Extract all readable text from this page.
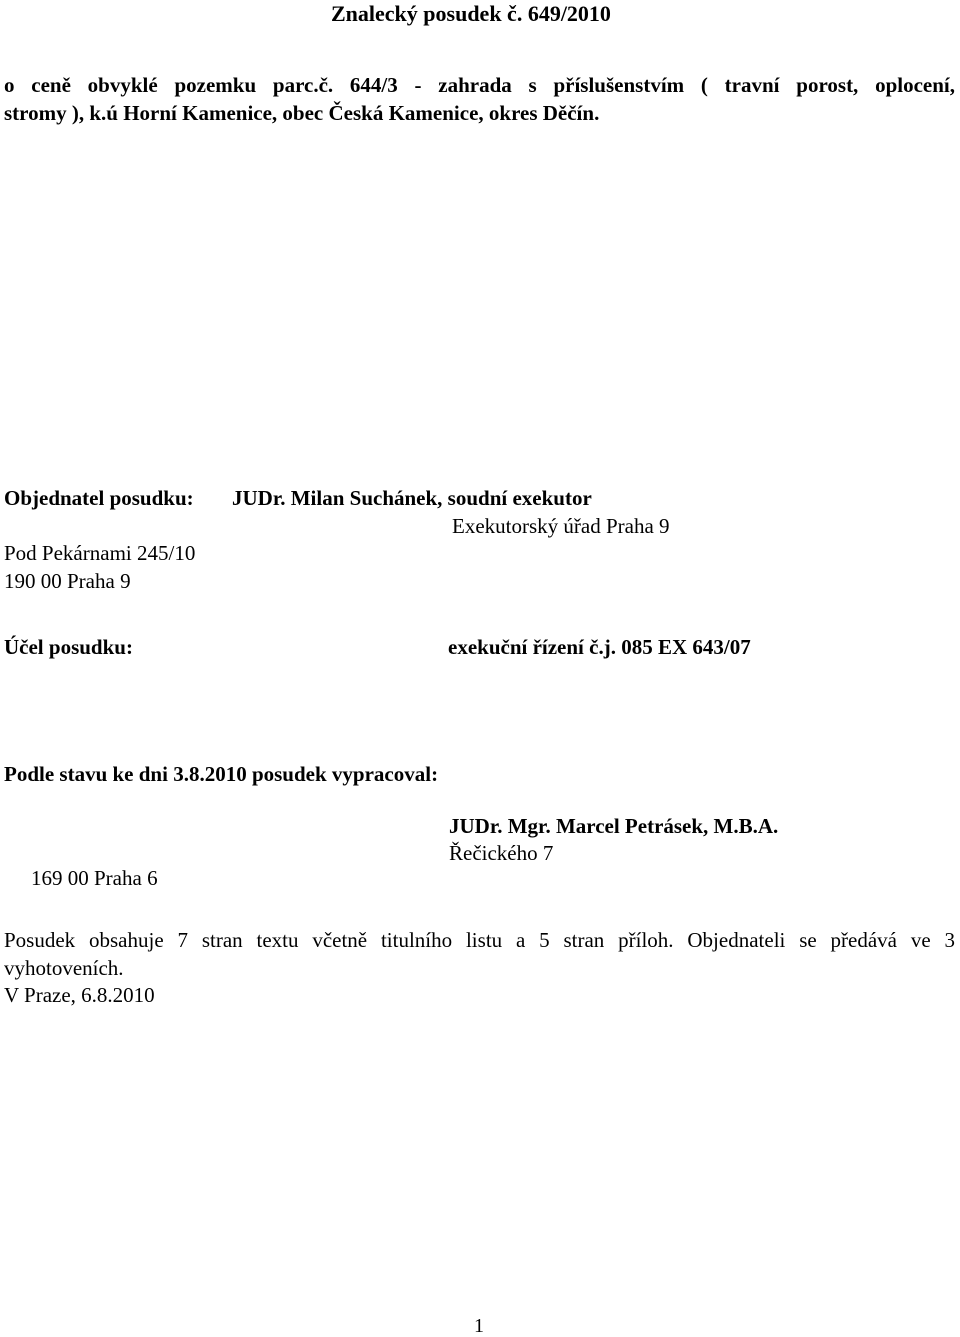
Znalecký posudek č. 649/2010
o ceně obvyklé pozemku parc.č. 644/3 - zahrada s příslušenstvím ( travní porost, oplocení,
stromy ), k.ú Horní Kamenice, obec Česká Kamenice, okres Děčín.
Objednatel posudku: JUDr. Milan Suchánek, soudní exekutor
Exekutorský úřad Praha 9
Pod Pekárnami 245/10
190 00 Praha 9
Účel posudku:	exekuční řízení č.j. 085 EX 643/07
Podle stavu ke dni 3.8.2010 posudek vypracoval:
JUDr. Mgr. Marcel Petrásek, M.B.A.
Řečického 7
169 00 Praha 6
Posudek obsahuje 7 stran textu včetně titulního listu a 5 stran příloh. Objednateli se předává ve 3
vyhotoveních.
V Praze, 6.8.2010
1
